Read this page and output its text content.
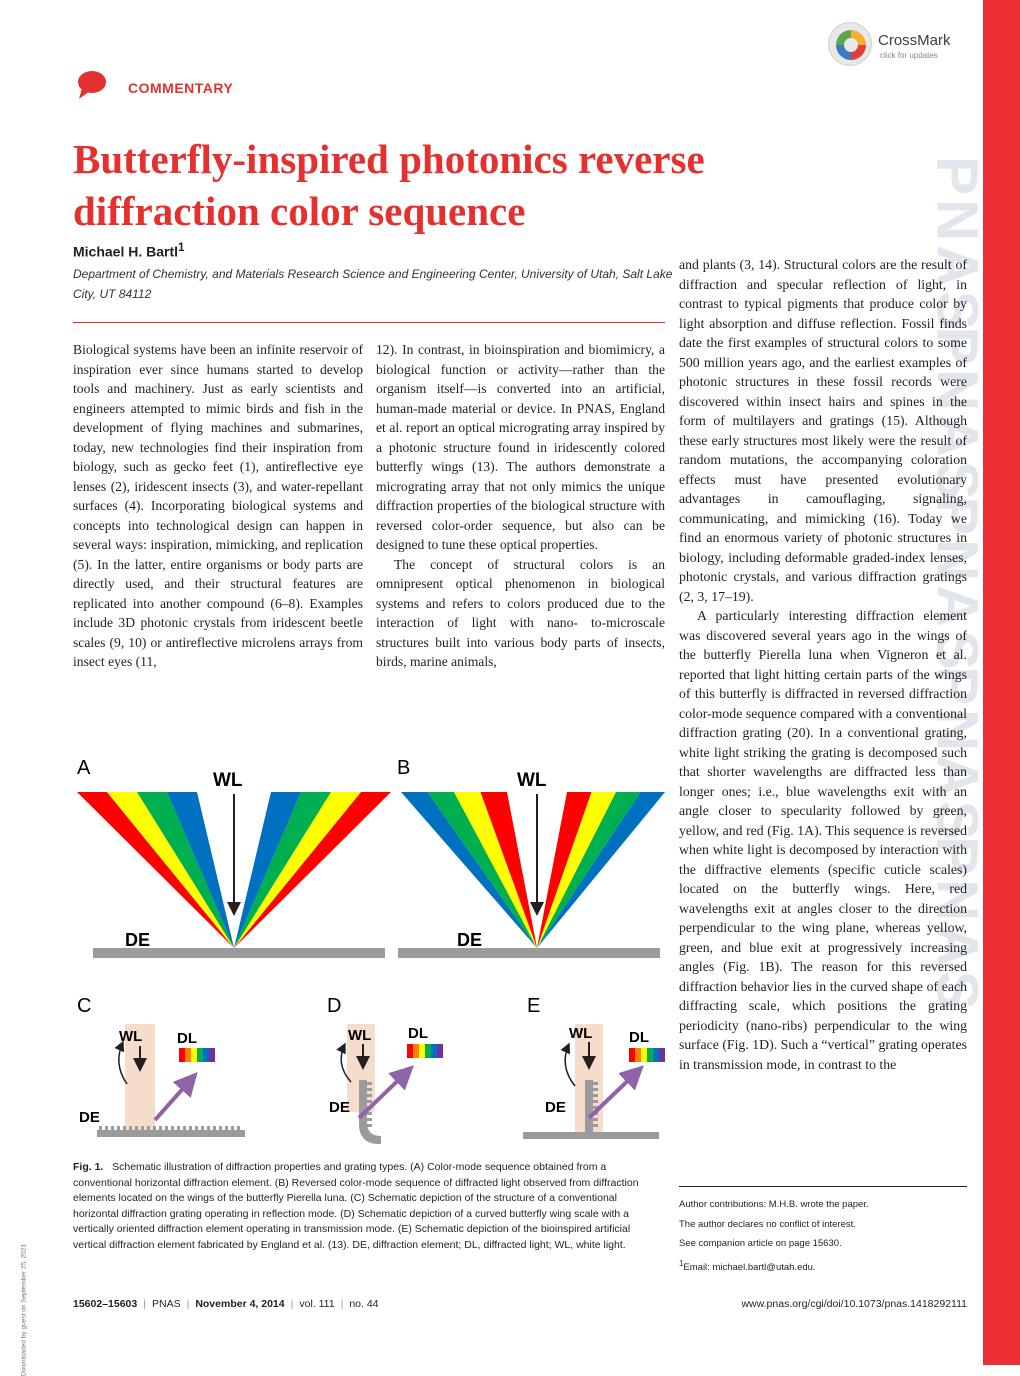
PNAS
PNAS
PNAS
PNAS
PNAS
CrossMark
click for updates
COMMENTARY
Butterfly-inspired photonics reverse diffraction color sequence
Michael H. Bartl$^1$
Department of Chemistry, and Materials Research Science and Engineering Center, University of Utah, Salt Lake City, UT 84112

Biological systems have been an infinite reservoir of inspiration ever since humans started to develop tools and machinery. Just as early scientists and engineers attempted to mimic birds and fish in the development of flying machines and submarines, today, new technologies find their inspiration from biology, such as gecko feet (1), antireflective eye lenses (2), iridescent insects (3), and water-repellant surfaces (4). Incorporating biological systems and concepts into technological design can happen in several ways: inspiration, mimicking, and replication (5). In the latter, entire organisms or body parts are directly used, and their structural features are replicated into another compound (6–8). Examples include 3D photonic crystals from iridescent beetle scales (9, 10) or antireflective microlens arrays from insect eyes (11,

12). In contrast, in bioinspiration and biomimicry, a biological function or activity—rather than the organism itself—is converted into an artificial, human-made material or device. In PNAS, England et al. report an optical micrograting array inspired by a photonic structure found in iridescently colored butterfly wings (13). The authors demonstrate a micrograting array that not only mimics the unique diffraction properties of the biological structure with reversed color-order sequence, but also can be designed to tune these optical properties.

The concept of structural colors is an omnipresent optical phenomenon in biological systems and refers to colors produced due to the interaction of light with nano- to-microscale structures built into various body parts of insects, birds, marine animals,

and plants (3, 14). Structural colors are the result of diffraction and specular reflection of light, in contrast to typical pigments that produce color by light absorption and diffuse reflection. Fossil finds date the first examples of structural colors to some 500 million years ago, and the earliest examples of photonic structures in these fossil records were discovered within insect hairs and spines in the form of multilayers and gratings (15). Although these early structures most likely were the result of random mutations, the accompanying coloration effects must have presented evolutionary advantages in camouflaging, signaling, communicating, and mimicking (16). Today we find an enormous variety of photonic structures in biology, including deformable graded-index lenses, photonic crystals, and various diffraction gratings (2, 3, 17–19).

A particularly interesting diffraction element was discovered several years ago in the wings of the butterfly Pierella luna when Vigneron et al. reported that light hitting certain parts of the wings of this butterfly is diffracted in reversed diffraction color-mode sequence compared with a conventional diffraction grating (20). In a conventional grating, white light striking the grating is decomposed such that shorter wavelengths are diffracted less than longer ones; i.e., blue wavelengths exit with an angle closer to specularity followed by green, yellow, and red (Fig. 1A). This sequence is reversed when white light is decomposed by interaction with the diffractive elements (specific cuticle scales) located on the butterfly wings. Here, red wavelengths exit at angles closer to the direction perpendicular to the wing plane, whereas yellow, green, and blue exit at progressively increasing angles (Fig. 1B). The reason for this reversed diffraction behavior lies in the curved shape of each diffracting scale, which positions the grating periodicity (nano-ribs) perpendicular to the wing surface (Fig. 1D). Such a “vertical” grating operates in transmission mode, in contrast to the

A	B
C	D	E
WL
DE
WL
DE
WL DL
DE
WL DL
DE
WL DL
DE
Fig. 1. Schematic illustration of diffraction properties and grating types. (A) Color-mode sequence obtained from a conventional horizontal diffraction element. (B) Reversed color-mode sequence of diffracted light observed from diffraction elements located on the wings of the butterfly Pierella luna. (C) Schematic depiction of the structure of a conventional horizontal diffraction grating operating in reflection mode. (D) Schematic depiction of a curved butterfly wing scale with a vertically oriented diffraction element operating in transmission mode. (E) Schematic depiction of the bioinspired artificial vertical diffraction element fabricated by England et al. (13). DE, diffraction element; DL, diffracted light; WL, white light.
Author contributions: M.H.B. wrote the paper.
The author declares no conflict of interest.
See companion article on page 15630.
$^1$Email: michael.bartl@utah.edu.
15602–15603 | PNAS | November 4, 2014 | vol. 111 | no. 44	www.pnas.org/cgi/doi/10.1073/pnas.1418292111
Downloaded by guest on September 25, 2021
